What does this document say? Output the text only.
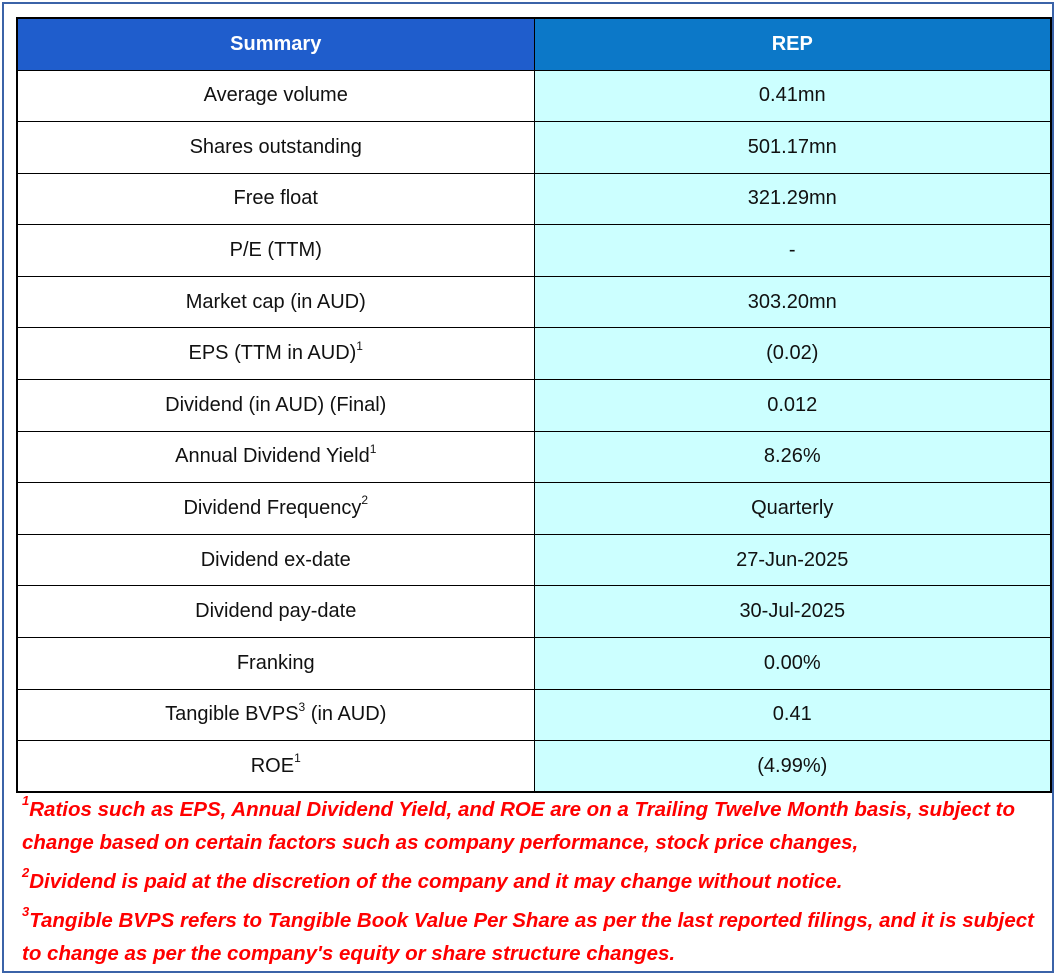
Summary	REP
Average volume	0.41mn
Shares outstanding	501.17mn
Free float	321.29mn
P/E (TTM)	-
Market cap (in AUD)	303.20mn
EPS (TTM in AUD)$^1$	(0.02)
Dividend (in AUD) (Final)	0.012
Annual Dividend Yield$^1$	8.26%
Dividend Frequency$^2$	Quarterly
Dividend ex-date	27-Jun-2025
Dividend pay-date	30-Jul-2025
Franking	0.00%
Tangible BVPS$^3$ (in AUD)	0.41
ROE$^1$	(4.99%)
$^1$Ratios such as EPS, Annual Dividend Yield, and ROE are on a Trailing Twelve Month basis, subject to change based on certain factors such as company performance, stock price changes,
$^2$Dividend is paid at the discretion of the company and it may change without notice.
$^3$Tangible BVPS refers to Tangible Book Value Per Share as per the last reported filings, and it is subject to change as per the company's equity or share structure changes.
